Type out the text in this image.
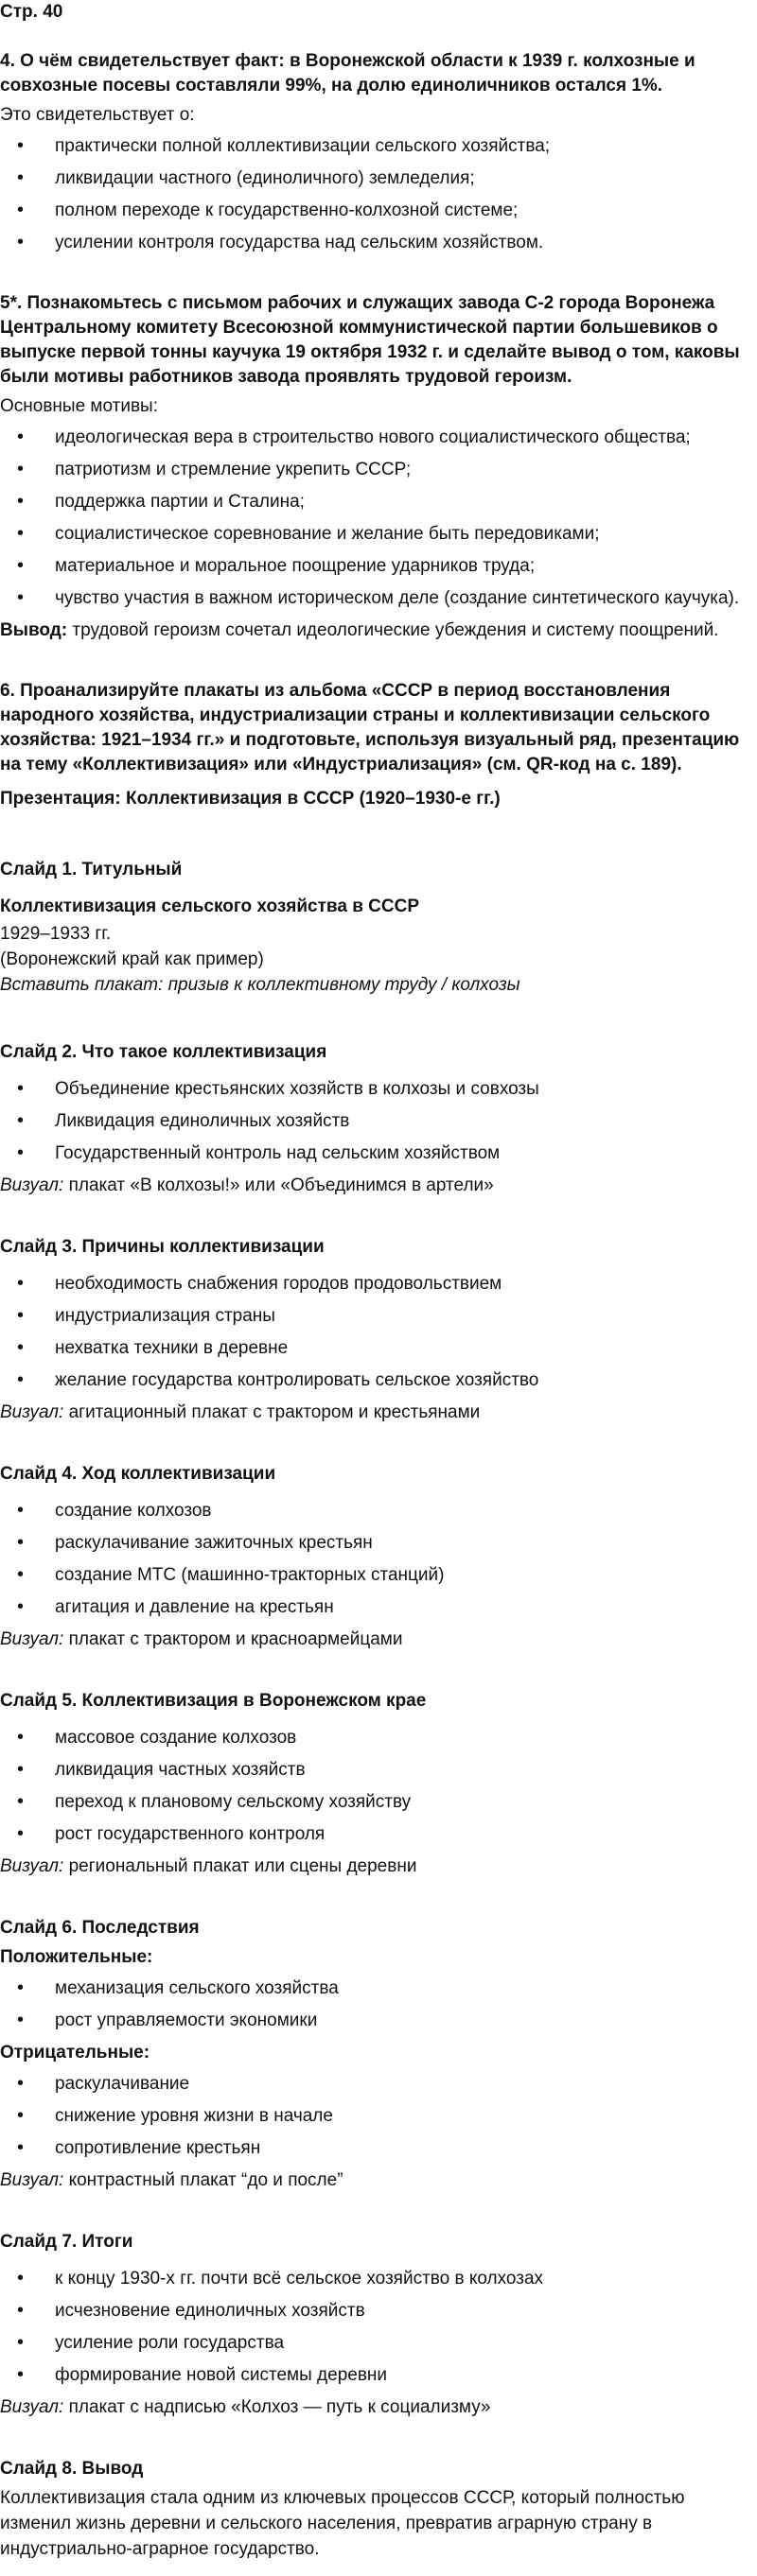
Стр. 40
4. О чём свидетельствует факт: в Воронежской области к 1939 г. колхозные и совхозные посевы составляли 99%, на долю единоличников остался 1%.

Это свидетельствует о:

• практически полной коллективизации сельского хозяйства;
• ликвидации частного (единоличного) земледелия;
• полном переходе к государственно-колхозной системе;
• усилении контроля государства над сельским хозяйством.
5*. Познакомьтесь с письмом рабочих и служащих завода С-2 города Воронежа Центральному комитету Всесоюзной коммунистической партии большевиков о выпуске первой тонны каучука 19 октября 1932 г. и сделайте вывод о том, каковы были мотивы работников завода проявлять трудовой героизм.

Основные мотивы:

• идеологическая вера в строительство нового социалистического общества;
• патриотизм и стремление укрепить СССР;
• поддержка партии и Сталина;
• социалистическое соревнование и желание быть передовиками;
• материальное и моральное поощрение ударников труда;
• чувство участия в важном историческом деле (создание синтетического каучука).

Вывод: трудовой героизм сочетал идеологические убеждения и систему поощрений.

6. Проанализируйте плакаты из альбома «СССР в период восстановления народного хозяйства, индустриализации страны и коллективизации сельского хозяйства: 1921–1934 гг.» и подготовьте, используя визуальный ряд, презентацию на тему «Коллективизация» или «Индустриализация» (см. QR-код на с. 189).
Презентация: Коллективизация в СССР (1920–1930-е гг.)
Слайд 1. Титульный
Коллективизация сельского хозяйства в СССР

1929–1933 гг.

(Воронежский край как пример)

Вставить плакат: призыв к коллективному труду / колхозы

Слайд 2. Что такое коллективизация
• Объединение крестьянских хозяйств в колхозы и совхозы
• Ликвидация единоличных хозяйств
• Государственный контроль над сельским хозяйством

Визуал: плакат «В колхозы!» или «Объединимся в артели»

Слайд 3. Причины коллективизации
• необходимость снабжения городов продовольствием
• индустриализация страны
• нехватка техники в деревне
• желание государства контролировать сельское хозяйство

Визуал: агитационный плакат с трактором и крестьянами

Слайд 4. Ход коллективизации
• создание колхозов
• раскулачивание зажиточных крестьян
• создание МТС (машинно-тракторных станций)
• агитация и давление на крестьян

Визуал: плакат с трактором и красноармейцами

Слайд 5. Коллективизация в Воронежском крае
• массовое создание колхозов
• ликвидация частных хозяйств
• переход к плановому сельскому хозяйству
• рост государственного контроля

Визуал: региональный плакат или сцены деревни

Слайд 6. Последствия
Положительные:
• механизация сельского хозяйства
• рост управляемости экономики
Отрицательные:
• раскулачивание
• снижение уровня жизни в начале
• сопротивление крестьян

Визуал: контрастный плакат “до и после”

Слайд 7. Итоги
• к концу 1930-х гг. почти всё сельское хозяйство в колхозах
• исчезновение единоличных хозяйств
• усиление роли государства
• формирование новой системы деревни

Визуал: плакат с надписью «Колхоз — путь к социализму»

Слайд 8. Вывод

Коллективизация стала одним из ключевых процессов СССР, который полностью изменил жизнь деревни и сельского населения, превратив аграрную страну в индустриально-аграрное государство.
